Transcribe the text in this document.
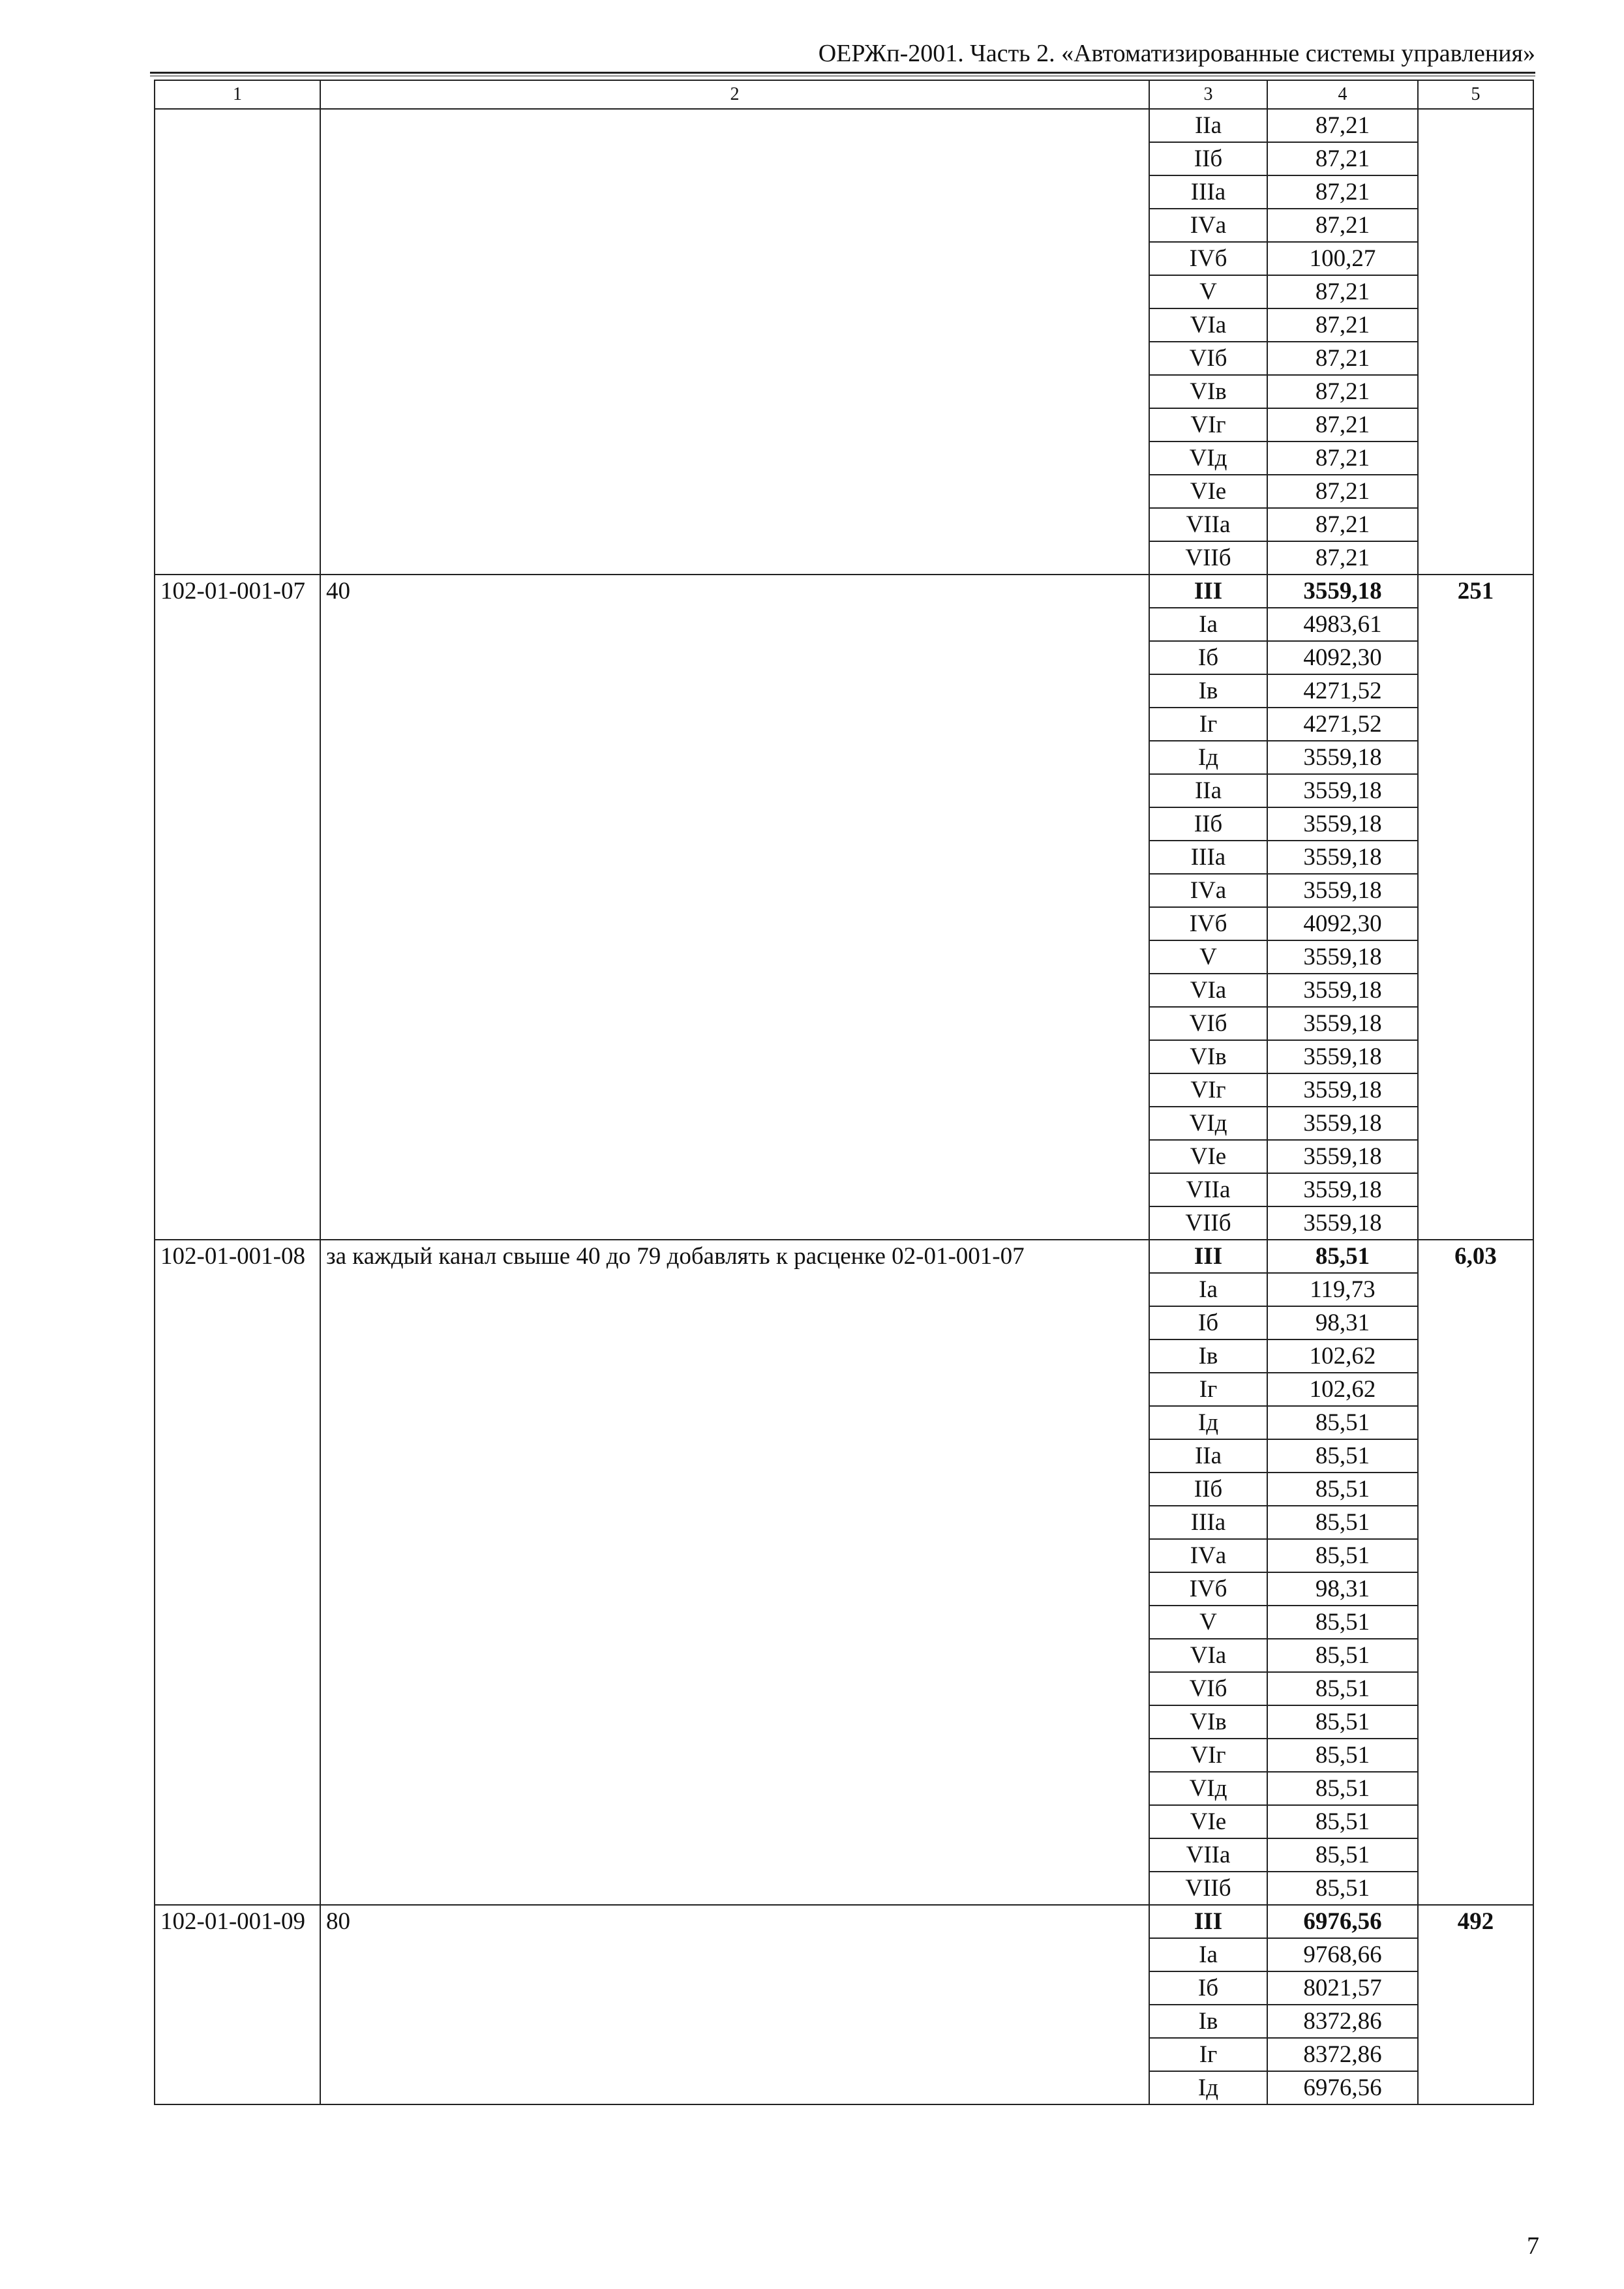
ОЕРЖп-2001. Часть 2. «Автоматизированные системы управления»
1	2	3	4	5
		IIа	87,21	
		IIб	87,21	
		IIIа	87,21	
		IVа	87,21	
		IVб	100,27	
		V	87,21	
		VIа	87,21	
		VIб	87,21	
		VIв	87,21	
		VIг	87,21	
		VIд	87,21	
		VIе	87,21	
		VIIа	87,21	
		VIIб	87,21	
102-01-001-07	40	III	3559,18	251
		Iа	4983,61	
		Iб	4092,30	
		Iв	4271,52	
		Iг	4271,52	
		Iд	3559,18	
		IIа	3559,18	
		IIб	3559,18	
		IIIа	3559,18	
		IVа	3559,18	
		IVб	4092,30	
		V	3559,18	
		VIа	3559,18	
		VIб	3559,18	
		VIв	3559,18	
		VIг	3559,18	
		VIд	3559,18	
		VIе	3559,18	
		VIIа	3559,18	
		VIIб	3559,18	
102-01-001-08	за каждый канал свыше 40 до 79 добавлять к расценке 02-01-001-07	III	85,51	6,03
		Iа	119,73	
		Iб	98,31	
		Iв	102,62	
		Iг	102,62	
		Iд	85,51	
		IIа	85,51	
		IIб	85,51	
		IIIа	85,51	
		IVа	85,51	
		IVб	98,31	
		V	85,51	
		VIа	85,51	
		VIб	85,51	
		VIв	85,51	
		VIг	85,51	
		VIд	85,51	
		VIе	85,51	
		VIIа	85,51	
		VIIб	85,51	
102-01-001-09	80	III	6976,56	492
		Iа	9768,66	
		Iб	8021,57	
		Iв	8372,86	
		Iг	8372,86	
		Iд	6976,56	
7
